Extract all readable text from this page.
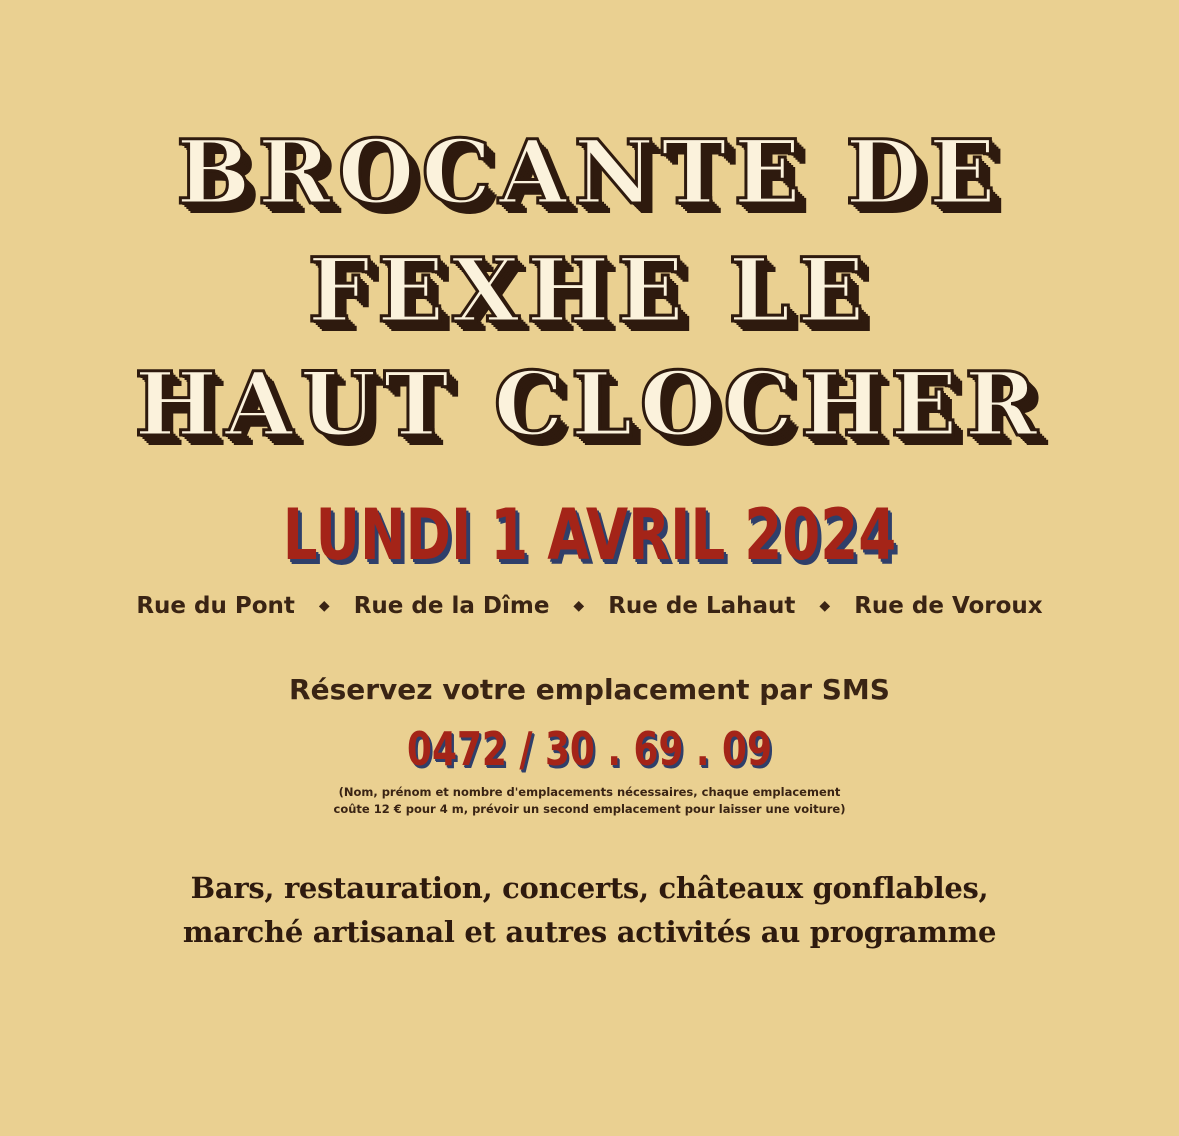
BROCANTE DE
FEXHE LE
HAUT CLOCHER
LUNDI 1 AVRIL 2024
Rue du Pont ◆ Rue de la Dîme ◆ Rue de Lahaut ◆ Rue de Voroux
Réservez votre emplacement par SMS
0472 / 30 . 69 . 09
(Nom, prénom et nombre d'emplacements nécessaires, chaque emplacement
coûte 12 € pour 4 m, prévoir un second emplacement pour laisser une voiture)
Bars, restauration, concerts, châteaux gonflables,
marché artisanal et autres activités au programme
